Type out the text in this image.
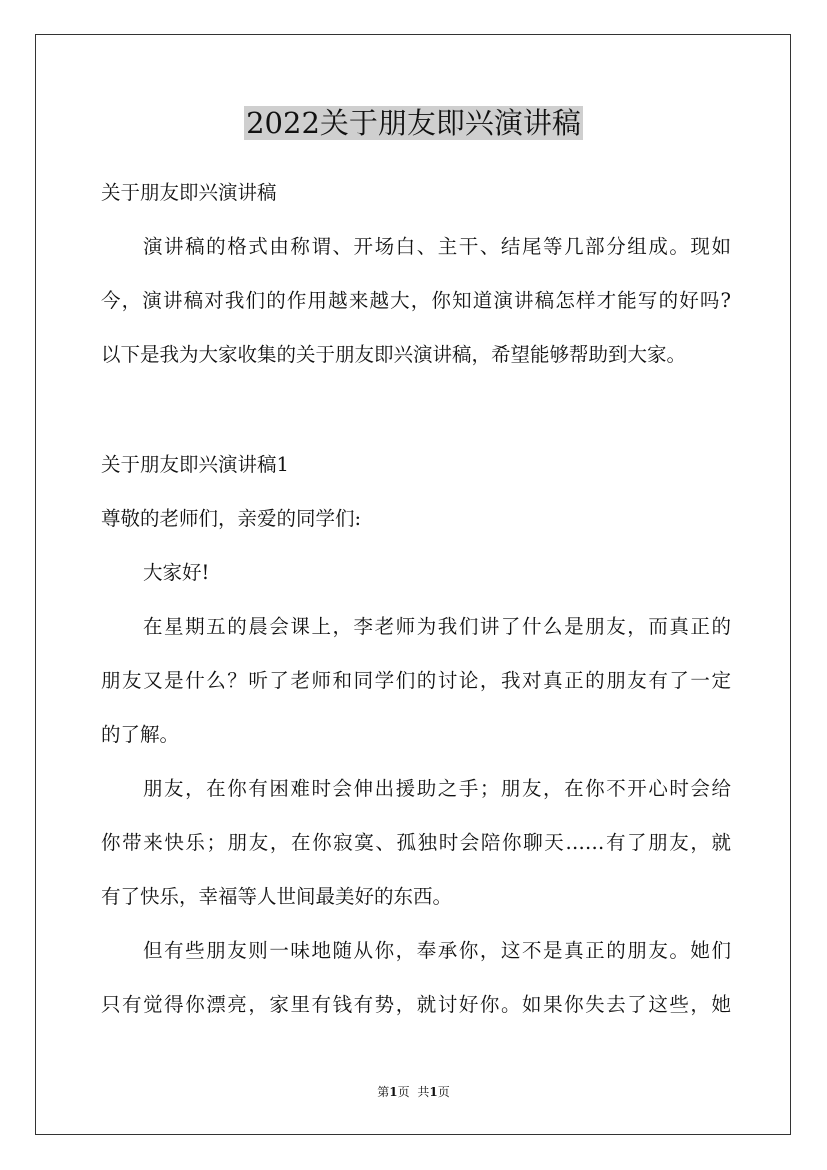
2022关于朋友即兴演讲稿
关于朋友即兴演讲稿
演讲稿的格式由称谓、开场白、主干、结尾等几部分组成。现如
今，演讲稿对我们的作用越来越大，你知道演讲稿怎样才能写的好吗?
以下是我为大家收集的关于朋友即兴演讲稿，希望能够帮助到大家。
关于朋友即兴演讲稿1
尊敬的老师们，亲爱的同学们:
大家好!
在星期五的晨会课上，李老师为我们讲了什么是朋友，而真正的
朋友又是什么？听了老师和同学们的讨论，我对真正的朋友有了一定
的了解。
朋友，在你有困难时会伸出援助之手；朋友，在你不开心时会给
你带来快乐；朋友，在你寂寞、孤独时会陪你聊天……有了朋友，就
有了快乐，幸福等人世间最美好的东西。
但有些朋友则一味地随从你，奉承你，这不是真正的朋友。她们
只有觉得你漂亮，家里有钱有势，就讨好你。如果你失去了这些，她
第1页 共1页
